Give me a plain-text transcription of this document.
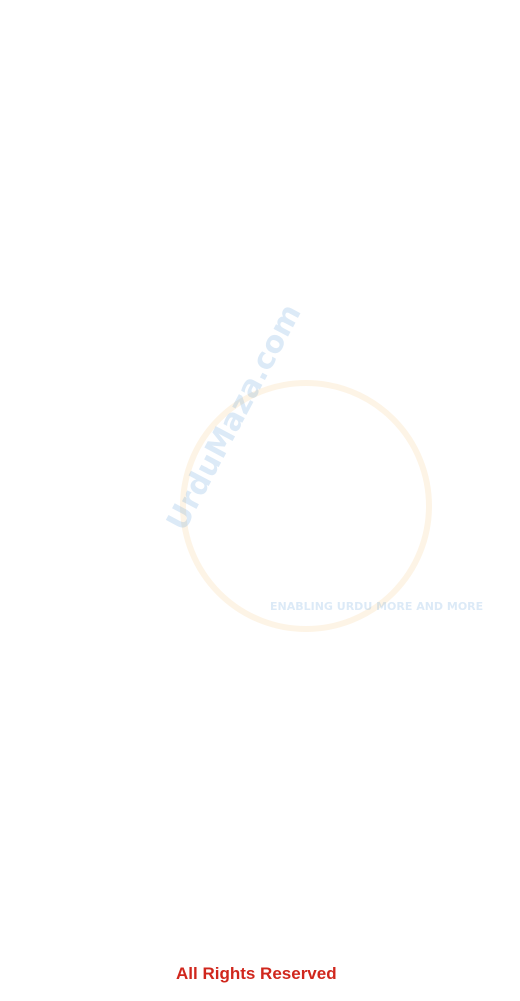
UrduMaza.com
ENABLING URDU MORE AND MORE
All Rights Reserved
